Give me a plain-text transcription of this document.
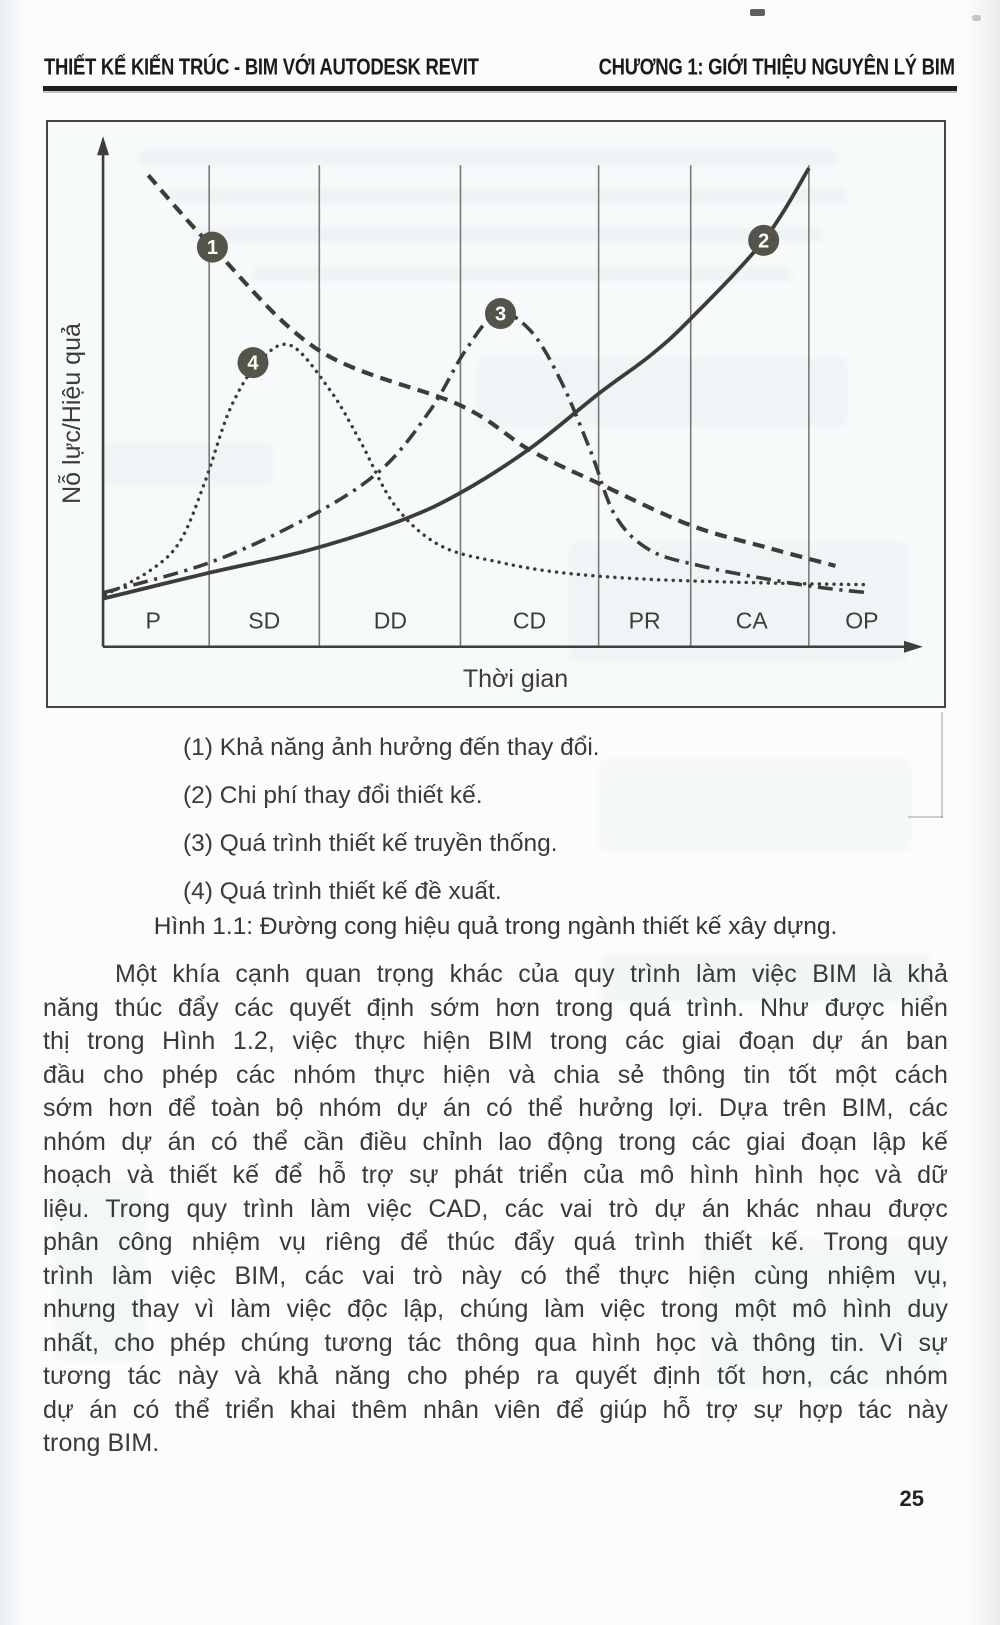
THIẾT KẾ KIẾN TRÚC - BIM VỚI AUTODESK REVIT	CHƯƠNG 1: GIỚI THIỆU NGUYÊN LÝ BIM
1	2
3
4
P	SD	DD	CD	PR	CA	OP
Thời gian
Nỗ lực/Hiệu quả
(1) Khả năng ảnh hưởng đến thay đổi.
(2) Chi phí thay đổi thiết kế.
(3) Quá trình thiết kế truyền thống.
(4) Quá trình thiết kế đề xuất.
Hình 1.1: Đường cong hiệu quả trong ngành thiết kế xây dựng.
Một khía cạnh quan trọng khác của quy trình làm việc BIM là khả
năng thúc đẩy các quyết định sớm hơn trong quá trình. Như được hiển
thị trong Hình 1.2, việc thực hiện BIM trong các giai đoạn dự án ban
đầu cho phép các nhóm thực hiện và chia sẻ thông tin tốt một cách
sớm hơn để toàn bộ nhóm dự án có thể hưởng lợi. Dựa trên BIM, các
nhóm dự án có thể cần điều chỉnh lao động trong các giai đoạn lập kế
hoạch và thiết kế để hỗ trợ sự phát triển của mô hình hình học và dữ
liệu. Trong quy trình làm việc CAD, các vai trò dự án khác nhau được
phân công nhiệm vụ riêng để thúc đẩy quá trình thiết kế. Trong quy
trình làm việc BIM, các vai trò này có thể thực hiện cùng nhiệm vụ,
nhưng thay vì làm việc độc lập, chúng làm việc trong một mô hình duy
nhất, cho phép chúng tương tác thông qua hình học và thông tin. Vì sự
tương tác này và khả năng cho phép ra quyết định tốt hơn, các nhóm
dự án có thể triển khai thêm nhân viên để giúp hỗ trợ sự hợp tác này
trong BIM.
25
